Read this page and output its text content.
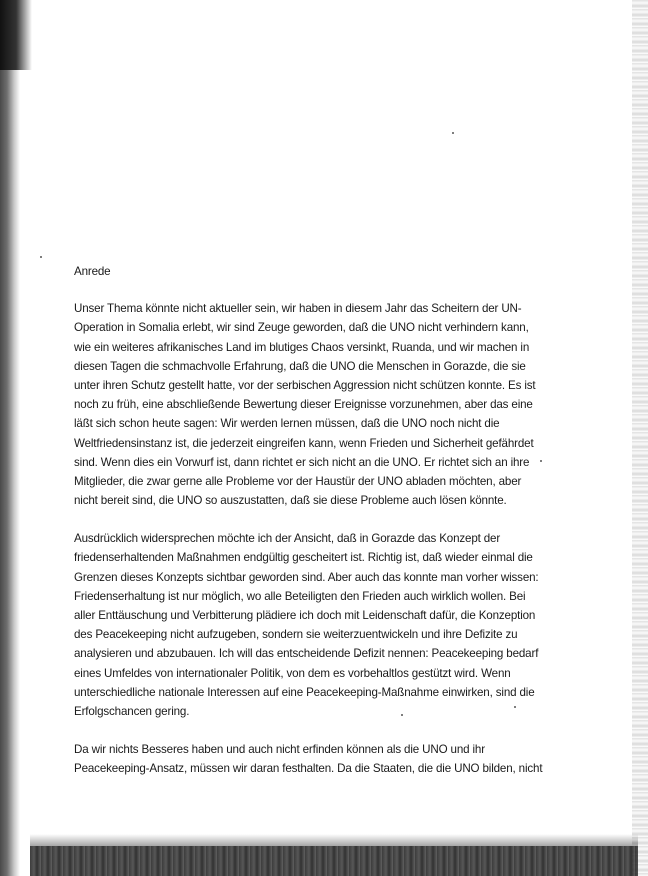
Anrede
Unser Thema könnte nicht aktueller sein, wir haben in diesem Jahr das Scheitern der UN-
Operation in Somalia erlebt, wir sind Zeuge geworden, daß die UNO nicht verhindern kann,
wie ein weiteres afrikanisches Land im blutiges Chaos versinkt, Ruanda, und wir machen in
diesen Tagen die schmachvolle Erfahrung, daß die UNO die Menschen in Gorazde, die sie
unter ihren Schutz gestellt hatte, vor der serbischen Aggression nicht schützen konnte. Es ist
noch zu früh, eine abschließende Bewertung dieser Ereignisse vorzunehmen, aber das eine
läßt sich schon heute sagen: Wir werden lernen müssen, daß die UNO noch nicht die
Weltfriedensinstanz ist, die jederzeit eingreifen kann, wenn Frieden und Sicherheit gefährdet
sind. Wenn dies ein Vorwurf ist, dann richtet er sich nicht an die UNO. Er richtet sich an ihre
Mitglieder, die zwar gerne alle Probleme vor der Haustür der UNO abladen möchten, aber
nicht bereit sind, die UNO so auszustatten, daß sie diese Probleme auch lösen könnte.
Ausdrücklich widersprechen möchte ich der Ansicht, daß in Gorazde das Konzept der
friedenserhaltenden Maßnahmen endgültig gescheitert ist. Richtig ist, daß wieder einmal die
Grenzen dieses Konzepts sichtbar geworden sind. Aber auch das konnte man vorher wissen:
Friedenserhaltung ist nur möglich, wo alle Beteiligten den Frieden auch wirklich wollen. Bei
aller Enttäuschung und Verbitterung plädiere ich doch mit Leidenschaft dafür, die Konzeption
des Peacekeeping nicht aufzugeben, sondern sie weiterzuentwickeln und ihre Defizite zu
analysieren und abzubauen. Ich will das entscheidende Defizit nennen: Peacekeeping bedarf
eines Umfeldes von internationaler Politik, von dem es vorbehaltlos gestützt wird. Wenn
unterschiedliche nationale Interessen auf eine Peacekeeping-Maßnahme einwirken, sind die
Erfolgschancen gering.
Da wir nichts Besseres haben und auch nicht erfinden können als die UNO und ihr
Peacekeeping-Ansatz, müssen wir daran festhalten. Da die Staaten, die die UNO bilden, nicht
